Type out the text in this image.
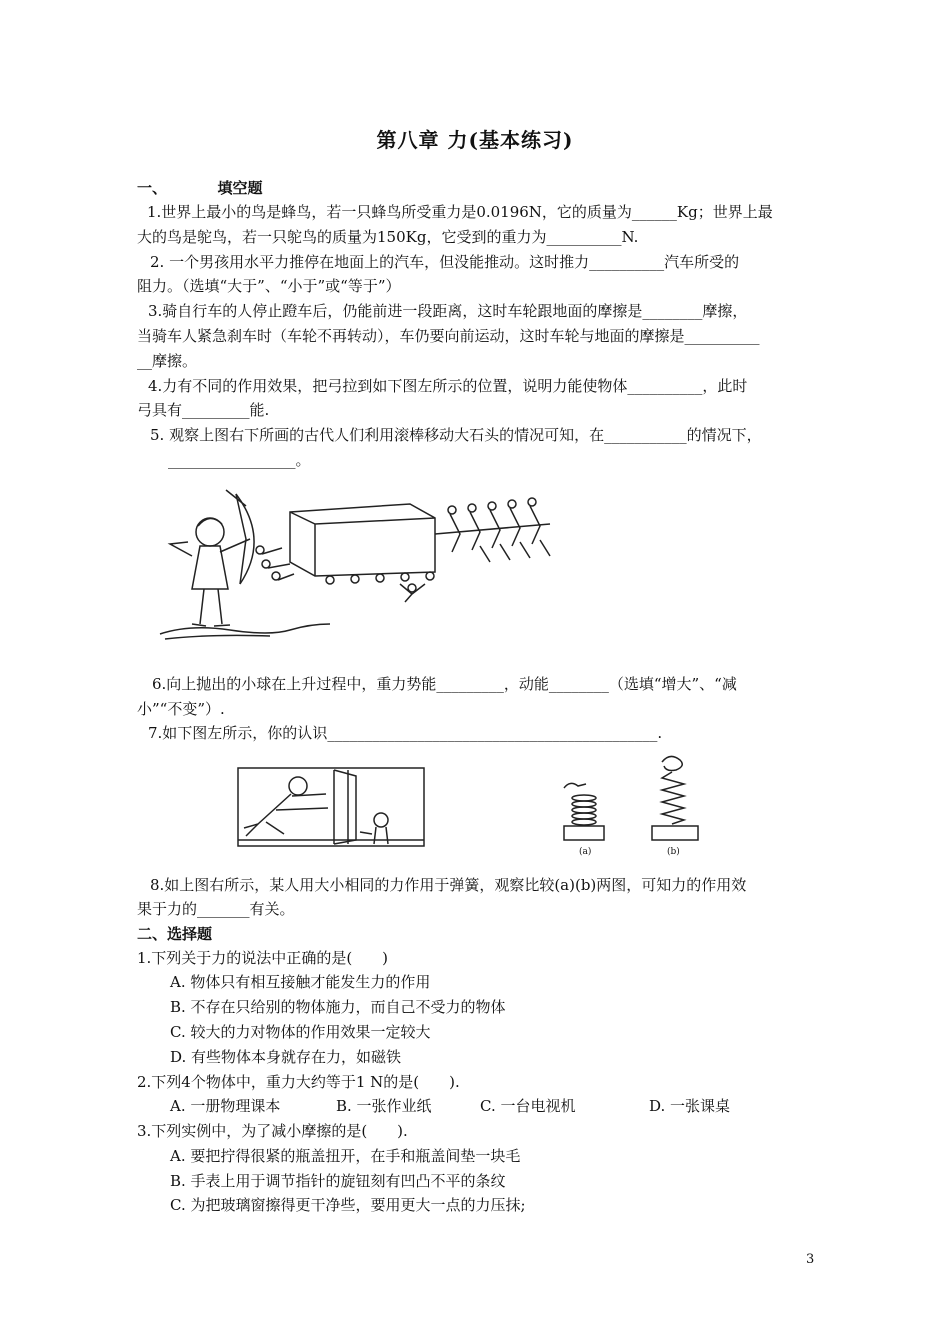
第八章 力(基本练习)
一、	填空题
1.世界上最小的鸟是蜂鸟，若一只蜂鸟所受重力是0.0196N，它的质量为______Kg；世界上最
大的鸟是鸵鸟，若一只鸵鸟的质量为150Kg，它受到的重力为__________N.
2. 一个男孩用水平力推停在地面上的汽车，但没能推动。这时推力__________汽车所受的
阻力。（选填“大于”、“小于”或“等于”）
3.骑自行车的人停止蹬车后，仍能前进一段距离，这时车轮跟地面的摩擦是________摩擦，
当骑车人紧急刹车时（车轮不再转动），车仍要向前运动，这时车轮与地面的摩擦是__________
__摩擦。
4.力有不同的作用效果，把弓拉到如下图左所示的位置，说明力能使物体__________，此时
弓具有_________能.
5. 观察上图右下所画的古代人们利用滚棒移动大石头的情况可知，在___________的情况下，
_________________。
6.向上抛出的小球在上升过程中，重力势能_________，动能________（选填“增大”、“减
小”“不变”）.
7.如下图左所示，你的认识____________________________________________.
(a)	(b)
8.如上图右所示，某人用大小相同的力作用于弹簧，观察比较(a)(b)两图，可知力的作用效
果于力的_______有关。
二、选择题
1.下列关于力的说法中正确的是(　　)
A. 物体只有相互接触才能发生力的作用
B. 不存在只给别的物体施力，而自己不受力的物体
C. 较大的力对物体的作用效果一定较大
D. 有些物体本身就存在力，如磁铁
2.下列4个物体中，重力大约等于1 N的是(　　).
A. 一册物理课本	B. 一张作业纸	C. 一台电视机	D. 一张课桌
3.下列实例中，为了减小摩擦的是(　　).
A. 要把拧得很紧的瓶盖扭开，在手和瓶盖间垫一块毛
B. 手表上用于调节指针的旋钮刻有凹凸不平的条纹
C. 为把玻璃窗擦得更干净些，要用更大一点的力压抹;
3
